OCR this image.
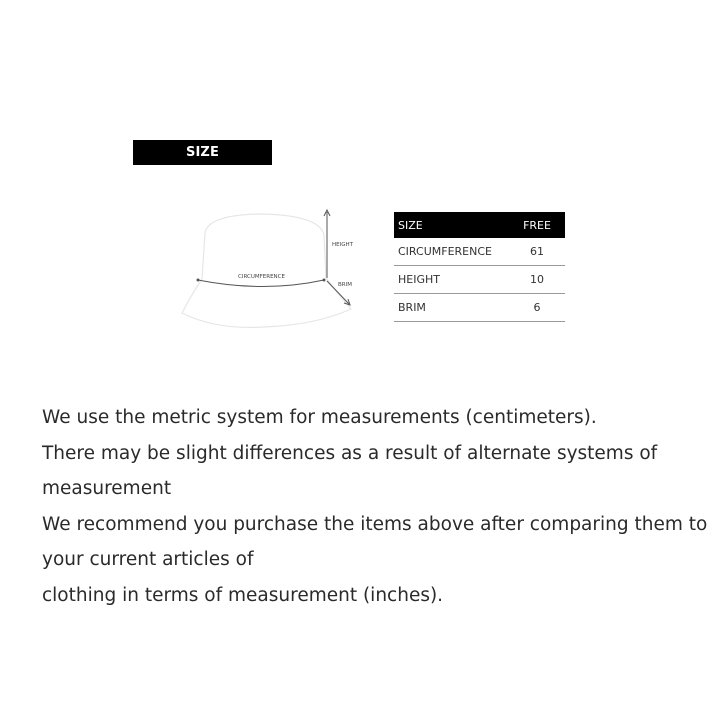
SIZE INFORMATION
HEIGHT
CIRCUMFERENCE
BRIM
SIZE	FREE
CIRCUMFERENCE	61
HEIGHT	10
BRIM	6

We use the metric system for measurements (centimeters).

There may be slight differences as a result of alternate systems of

measurement

We recommend you purchase the items above after comparing them to

your current articles of

clothing in terms of measurement (inches).
